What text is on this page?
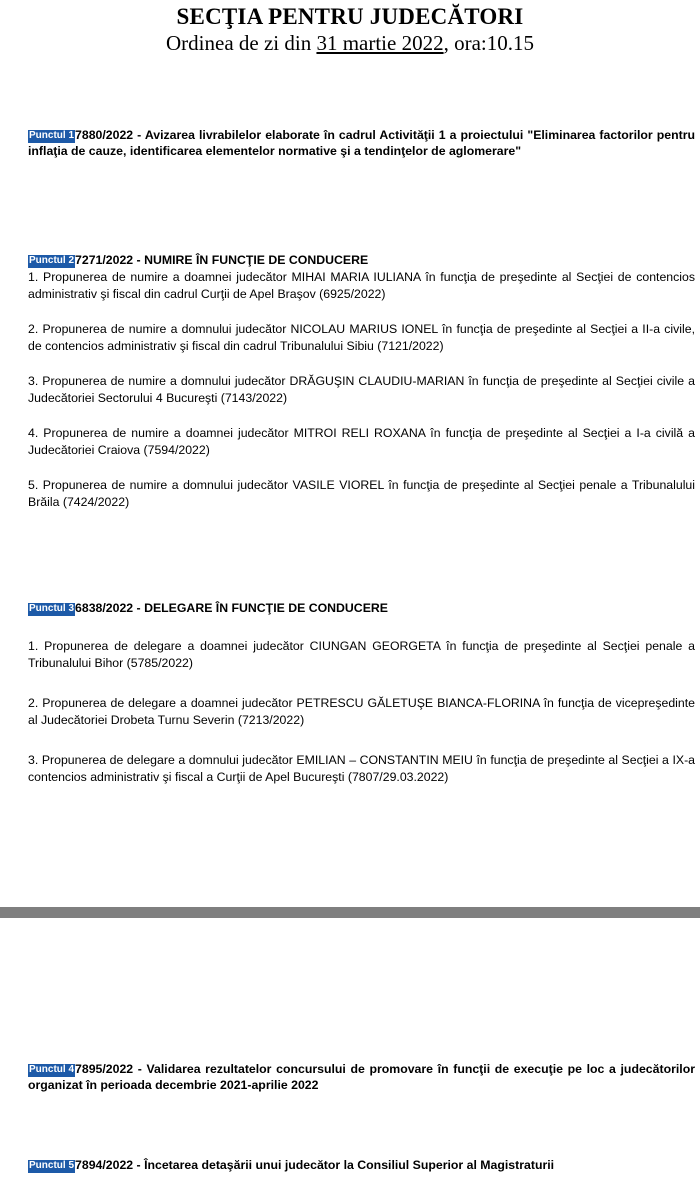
SECŢIA PENTRU JUDECĂTORI
Ordinea de zi din 31 martie 2022, ora:10.15
Punctul 17880/2022 - Avizarea livrabilelor elaborate în cadrul Activităţii 1 a proiectului "Eliminarea factorilor pentru inflaţia de cauze, identificarea elementelor normative şi a tendinţelor de aglomerare"
Punctul 27271/2022 - NUMIRE ÎN FUNCŢIE DE CONDUCERE
1. Propunerea de numire a doamnei judecător MIHAI MARIA IULIANA în funcţia de preşedinte al Secţiei de contencios administrativ şi fiscal din cadrul Curţii de Apel Braşov (6925/2022)
2. Propunerea de numire a domnului judecător NICOLAU MARIUS IONEL în funcţia de preşedinte al Secţiei a II-a civile, de contencios administrativ şi fiscal din cadrul Tribunalului Sibiu (7121/2022)
3. Propunerea de numire a domnului judecător DRĂGUŞIN CLAUDIU-MARIAN în funcţia de preşedinte al Secţiei civile a Judecătoriei Sectorului 4 Bucureşti (7143/2022)
4. Propunerea de numire a doamnei judecător MITROI RELI ROXANA în funcţia de preşedinte al Secţiei a I-a civilă a Judecătoriei Craiova (7594/2022)
5. Propunerea de numire a domnului judecător VASILE VIOREL în funcţia de preşedinte al Secţiei penale a Tribunalului Brăila (7424/2022)
Punctul 36838/2022 - DELEGARE ÎN FUNCŢIE DE CONDUCERE
1. Propunerea de delegare a doamnei judecător CIUNGAN GEORGETA în funcţia de preşedinte al Secţiei penale a Tribunalului Bihor (5785/2022)
2. Propunerea de delegare a doamnei judecător PETRESCU GĂLETUŞE BIANCA-FLORINA în funcţia de vicepreşedinte al Judecătoriei Drobeta Turnu Severin (7213/2022)
3. Propunerea de delegare a domnului judecător EMILIAN – CONSTANTIN MEIU în funcţia de preşedinte al Secţiei a IX-a contencios administrativ şi fiscal a Curţii de Apel Bucureşti (7807/29.03.2022)
Punctul 47895/2022 - Validarea rezultatelor concursului de promovare în funcţii de execuţie pe loc a judecătorilor organizat în perioada decembrie 2021-aprilie 2022
Punctul 57894/2022 - Încetarea detaşării unui judecător la Consiliul Superior al Magistraturii
